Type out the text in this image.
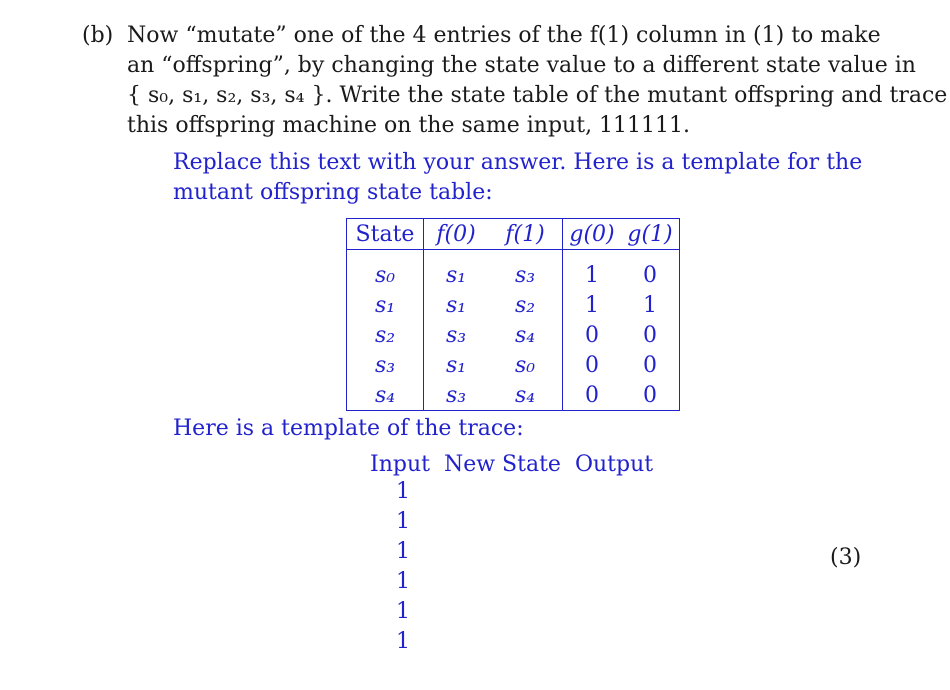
(b) Now “mutate” one of the 4 entries of the f(1) column in (1) to make
an “offspring”, by changing the state value to a different state value in
{ s₀, s₁, s₂, s₃, s₄ }. Write the state table of the mutant offspring and trace
this offspring machine on the same input, 111111.
Replace this text with your answer. Here is a template for the
mutant offspring state table:
State	f(0)	f(1)	g(0)	g(1)
s₀	s₁	s₃	1	0
s₁	s₁	s₂	1	1
s₂	s₃	s₄	0	0
s₃	s₁	s₀	0	0
s₄	s₃	s₄	0	0
Here is a template of the trace:
Input New State Output
1
1
1
1
1
1
(3)
